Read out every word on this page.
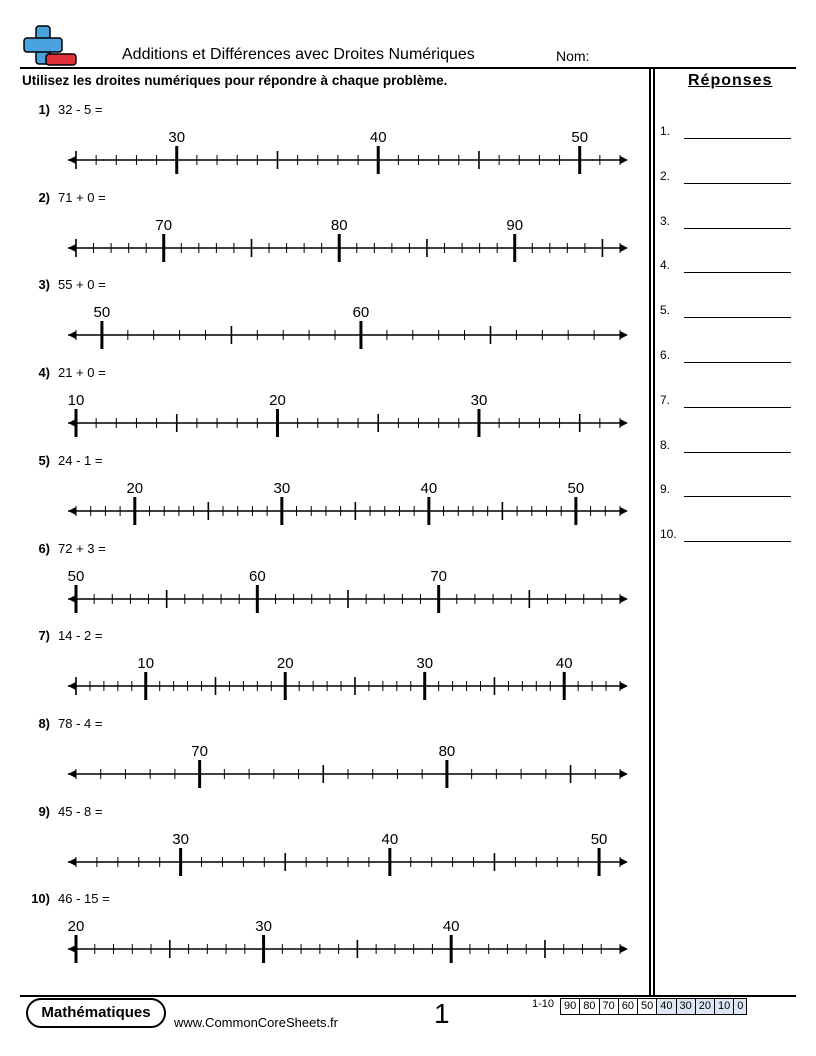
Additions et Différences avec Droites Numériques	Nom:
Utilisez les droites numériques pour répondre à chaque problème.	Réponses
1) 32 - 5 =
30	40	50
2) 71 + 0 =
70	80	90
3) 55 + 0 =
50	60
4) 21 + 0 =
10	20	30
5) 24 - 1 =
20	30	40	50
6) 72 + 3 =
50	60	70
7) 14 - 2 =
10	20	30	40
8) 78 - 4 =
70	80
9) 45 - 8 =
30	40	50
10) 46 - 15 =
20	30	40
1.
2.
3.
4.
5.
6.
7.
8.
9.
10.
Mathématiques
www.CommonCoreSheets.fr	1	1-10 90 80 70 60 50 40 30 20 10 0
